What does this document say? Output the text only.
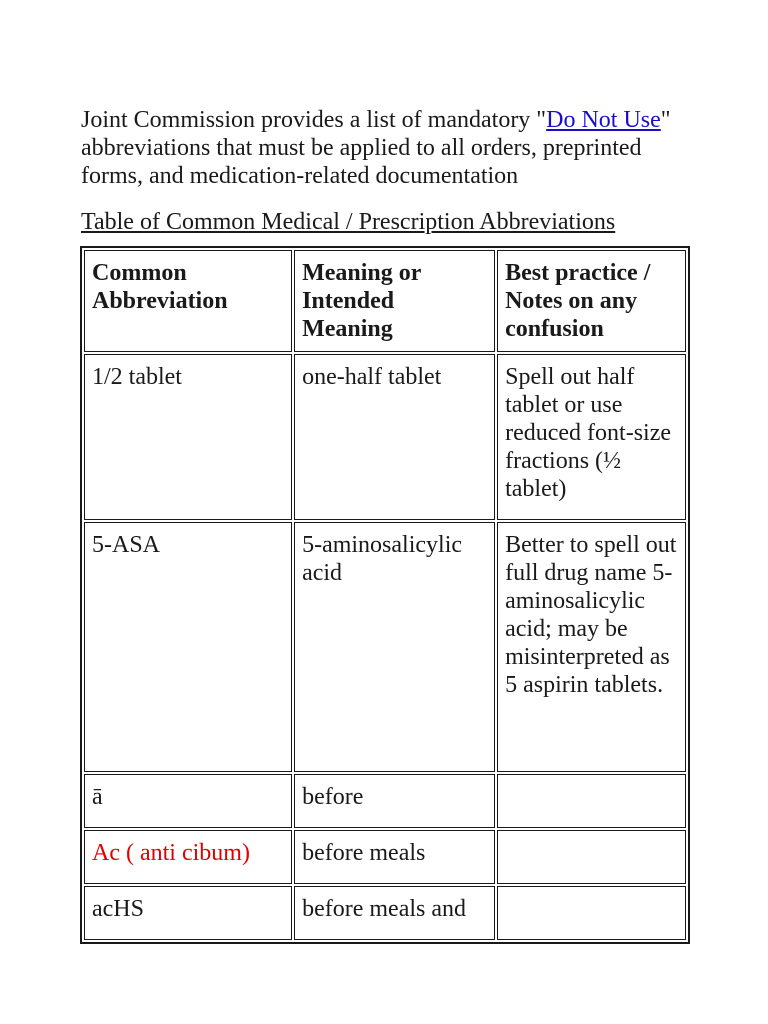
Joint Commission provides a list of mandatory "Do Not Use" abbreviations that must be applied to all orders, preprinted forms, and medication-related documentation

Table of Common Medical / Prescription Abbreviations
Common Abbreviation	Meaning or Intended Meaning	Best practice / Notes on any confusion
1/2 tablet	one-half tablet	Spell out half tablet or use reduced font-size fractions (½ tablet)
5-ASA	5-aminosalicylic acid	Better to spell out full drug name 5-aminosalicylic acid; may be misinterpreted as 5 aspirin tablets.
ā	before	
Ac ( anti cibum)	before meals	
acHS	before meals and	
